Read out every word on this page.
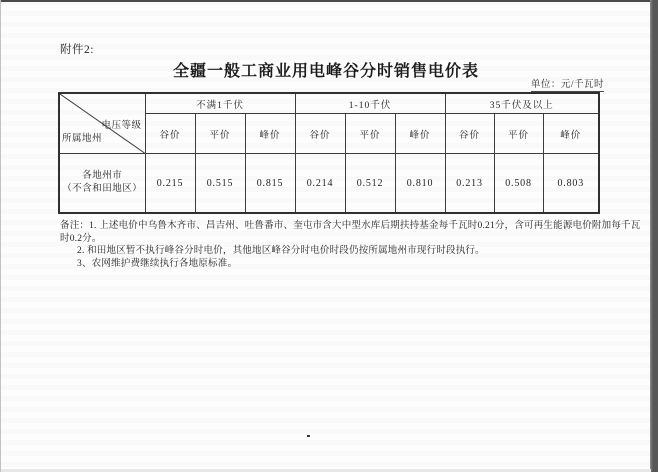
附件2:
全疆一般工商业用电峰谷分时销售电价表
单位：元/千瓦时
电压等级
所属地州	不满1千伏			1-10千伏			35千伏及以上		
	谷价	平价	峰价	谷价	平价	峰价	谷价	平价	峰价

各地州市
（不含和田地区）	0.215	0.515	0.815	0.214	0.512	0.810	0.213	0.508	0.803
备注：1. 上述电价中乌鲁木齐市、昌吉州、吐鲁番市、奎屯市含大中型水库后期扶持基金每千瓦时0.21分，含可再生能源电价附加每千瓦
时0.2分。
2. 和田地区暂不执行峰谷分时电价，其他地区峰谷分时电价时段仍按所属地州市现行时段执行。
3、农网维护费继续执行各地原标准。
